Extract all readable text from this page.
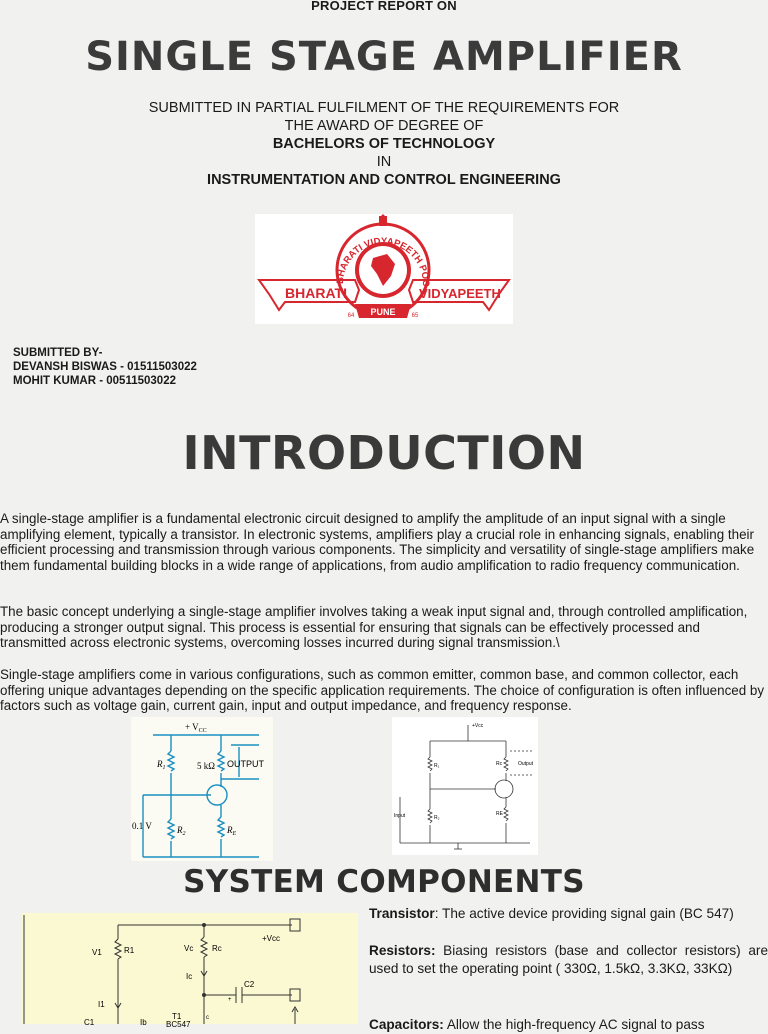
PROJECT REPORT ON
SINGLE STAGE AMPLIFIER
SUBMITTED IN PARTIAL FULFILMENT OF THE REQUIREMENTS FOR
THE AWARD OF DEGREE OF
BACHELORS OF TECHNOLOGY
IN
INSTRUMENTATION AND CONTROL ENGINEERING
BHARATI	VIDYAPEETH
BHARATI VIDYAPEETH POO
PUNE
64	65
SUBMITTED BY-
DEVANSH BISWAS - 01511503022
MOHIT KUMAR - 00511503022
INTRODUCTION

A single-stage amplifier is a fundamental electronic circuit designed to amplify the amplitude of an input signal with a single amplifying element, typically a transistor. In electronic systems, amplifiers play a crucial role in enhancing signals, enabling their efficient processing and transmission through various components. The simplicity and versatility of single-stage amplifiers make them fundamental building blocks in a wide range of applications, from audio amplification to radio frequency communication.

The basic concept underlying a single-stage amplifier involves taking a weak input signal and, through controlled amplification, producing a stronger output signal. This process is essential for ensuring that signals can be effectively processed and transmitted across electronic systems, overcoming losses incurred during signal transmission.\

Single-stage amplifiers come in various configurations, such as common emitter, common base, and common collector, each offering unique advantages depending on the specific application requirements. The choice of configuration is often influenced by factors such as voltage gain, current gain, input and output impedance, and frequency response.

+ $V_{CC}$
$R_1$
$R_2$	$R_E$
5 kΩ OUTPUT
0.1 V
+Vcc
R₁
R₂
Rc
RE
Output
Input
SYSTEM COMPONENTS
V1	R1	Vc Rc
+Vcc
Ic
I1
C2
+
T1
BC547
C1	Ib	c

Transistor: The active device providing signal gain (BC 547)

Resistors: Biasing resistors (base and collector resistors) are used to set the operating point ( 330Ω, 1.5kΩ, 3.3KΩ, 33KΩ)

Capacitors: Allow the high-frequency AC signal to pass
